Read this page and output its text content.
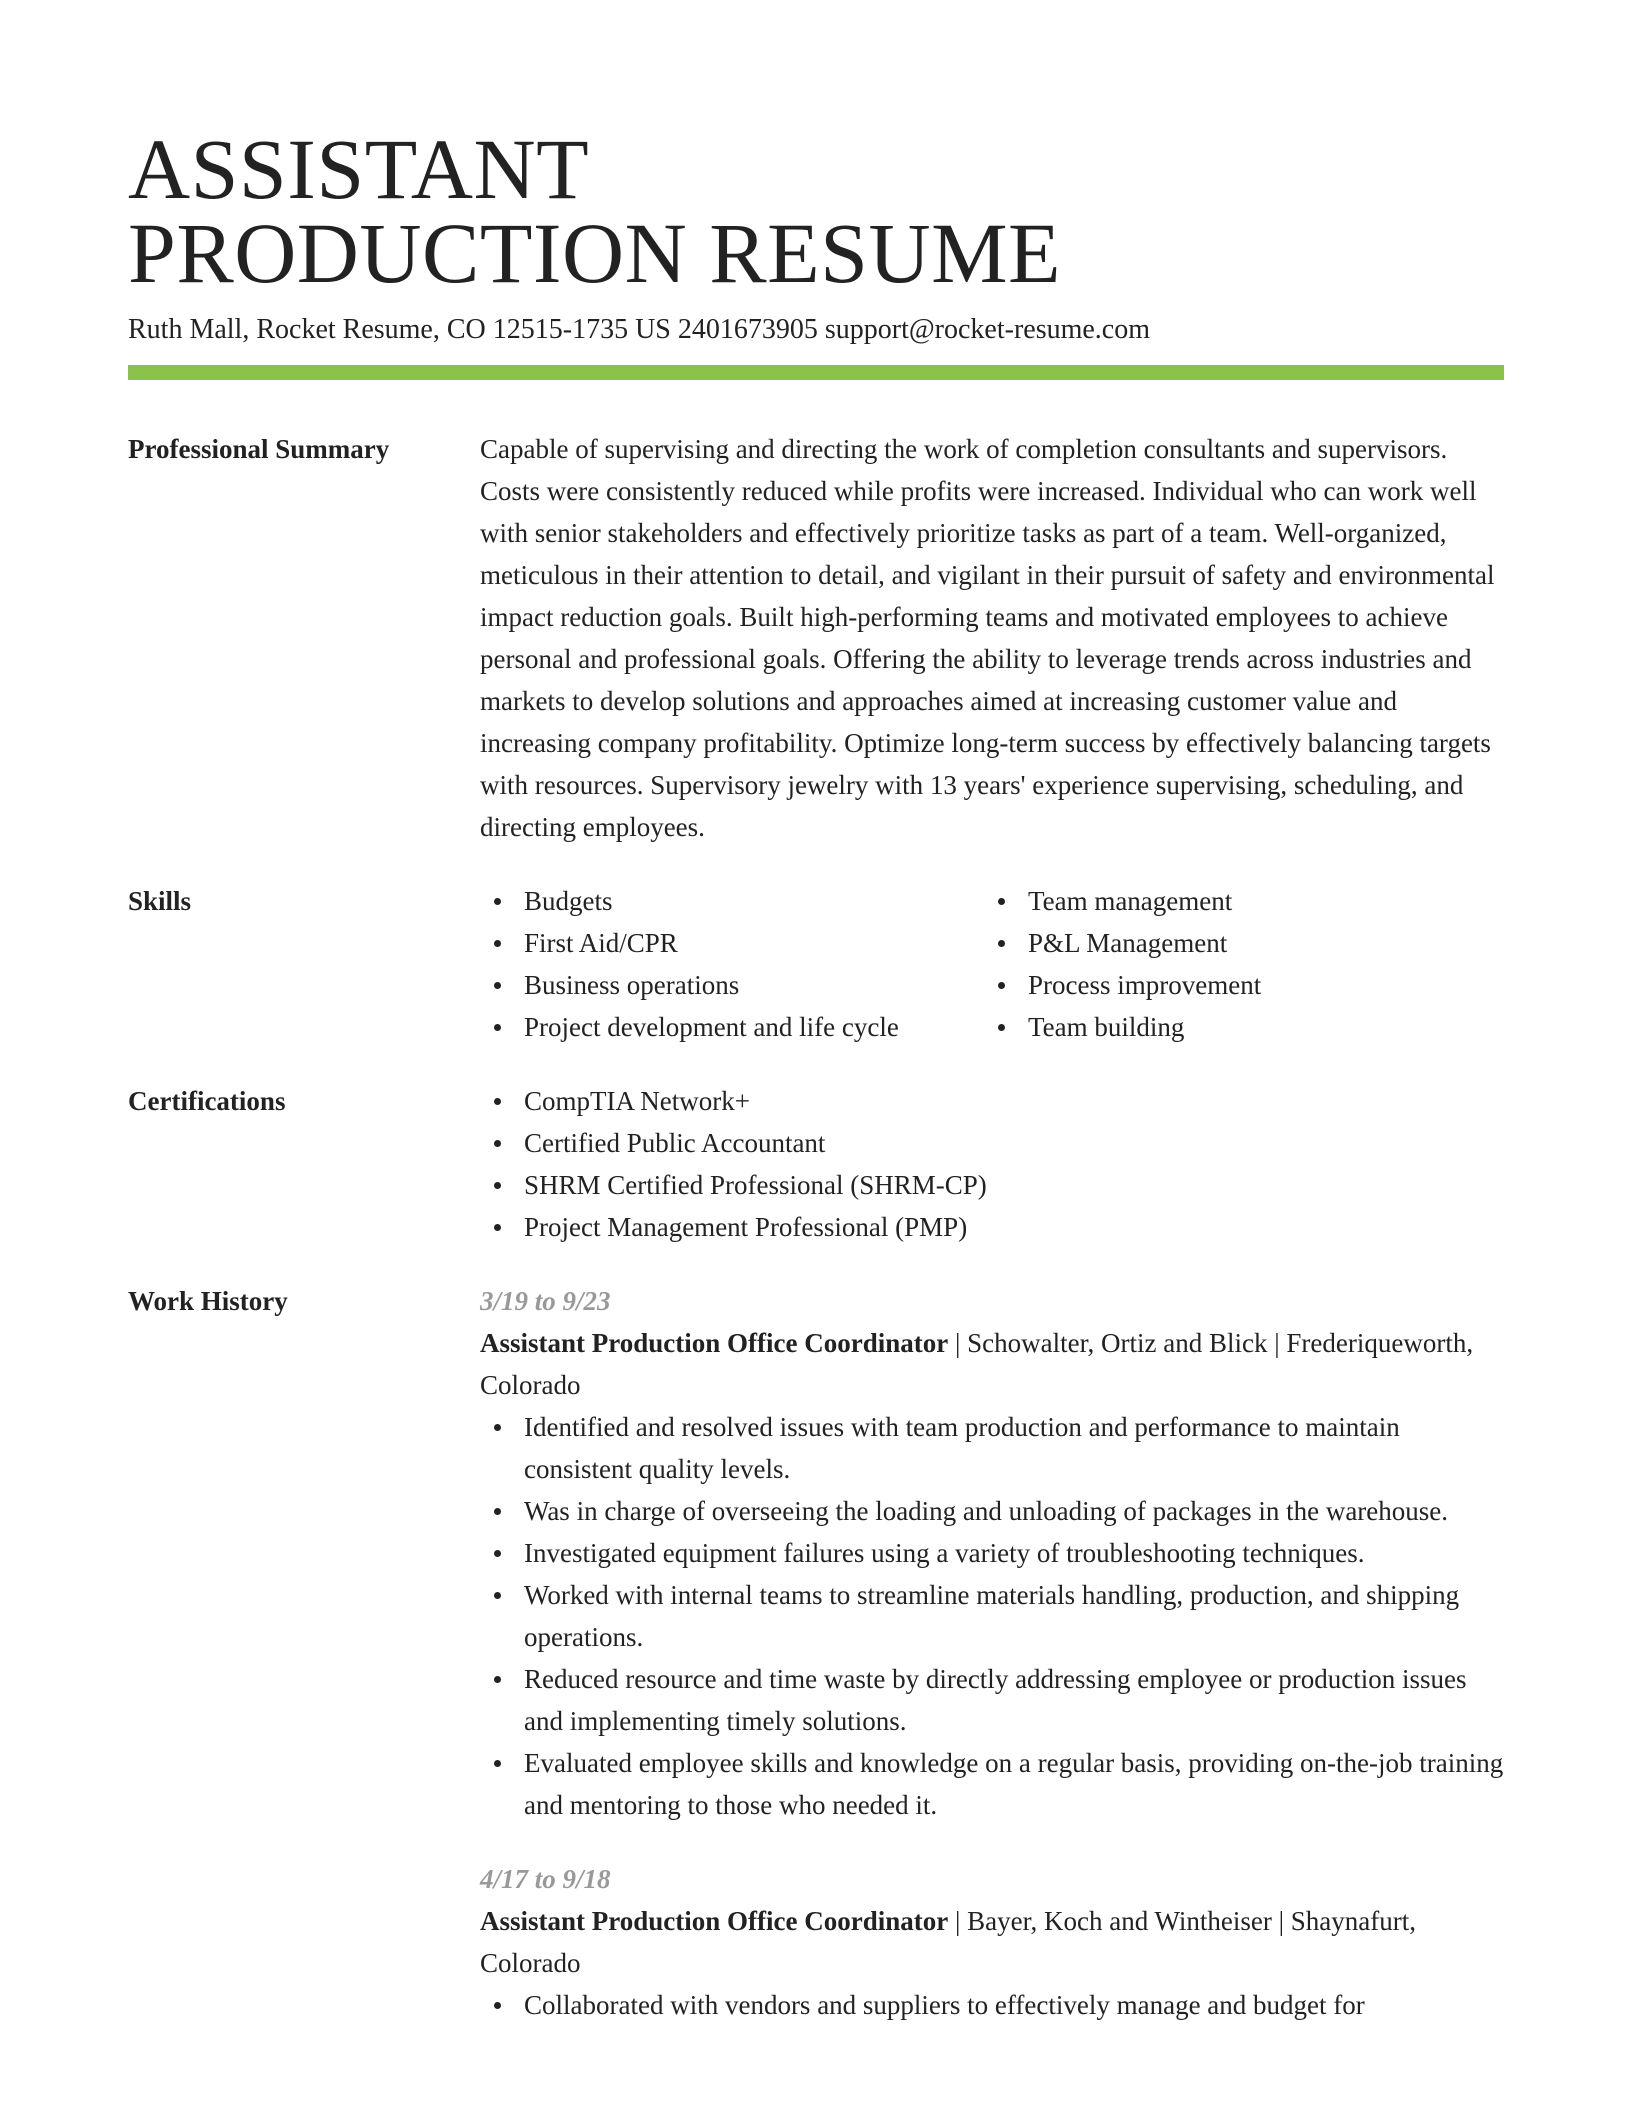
ASSISTANT
PRODUCTION RESUME
Ruth Mall, Rocket Resume, CO 12515-1735 US 2401673905 support@rocket-resume.com
Professional Summary	Capable of supervising and directing the work of completion consultants and supervisors. Costs were consistently reduced while profits were increased. Individual who can work well with senior stakeholders and effectively prioritize tasks as part of a team. Well-organized, meticulous in their attention to detail, and vigilant in their pursuit of safety and environmental impact reduction goals. Built high-performing teams and motivated employees to achieve personal and professional goals. Offering the ability to leverage trends across industries and markets to develop solutions and approaches aimed at increasing customer value and increasing company profitability. Optimize long-term success by effectively balancing targets with resources. Supervisory jewelry with 13 years' experience supervising, scheduling, and directing employees.
Skills	Budgets
First Aid/CPR
Business operations
Project development and life cycle
Team management
P&L Management
Process improvement
Team building
Certifications	CompTIA Network+
Certified Public Accountant
SHRM Certified Professional (SHRM-CP)
Project Management Professional (PMP)
Work History	3/19 to 9/23
Assistant Production Office Coordinator | Schowalter, Ortiz and Blick | Frederiqueworth, Colorado
Identified and resolved issues with team production and performance to maintain consistent quality levels.
Was in charge of overseeing the loading and unloading of packages in the warehouse.
Investigated equipment failures using a variety of troubleshooting techniques.
Worked with internal teams to streamline materials handling, production, and shipping operations.
Reduced resource and time waste by directly addressing employee or production issues and implementing timely solutions.
Evaluated employee skills and knowledge on a regular basis, providing on-the-job training and mentoring to those who needed it.
4/17 to 9/18
Assistant Production Office Coordinator | Bayer, Koch and Wintheiser | Shaynafurt, Colorado
Collaborated with vendors and suppliers to effectively manage and budget for
